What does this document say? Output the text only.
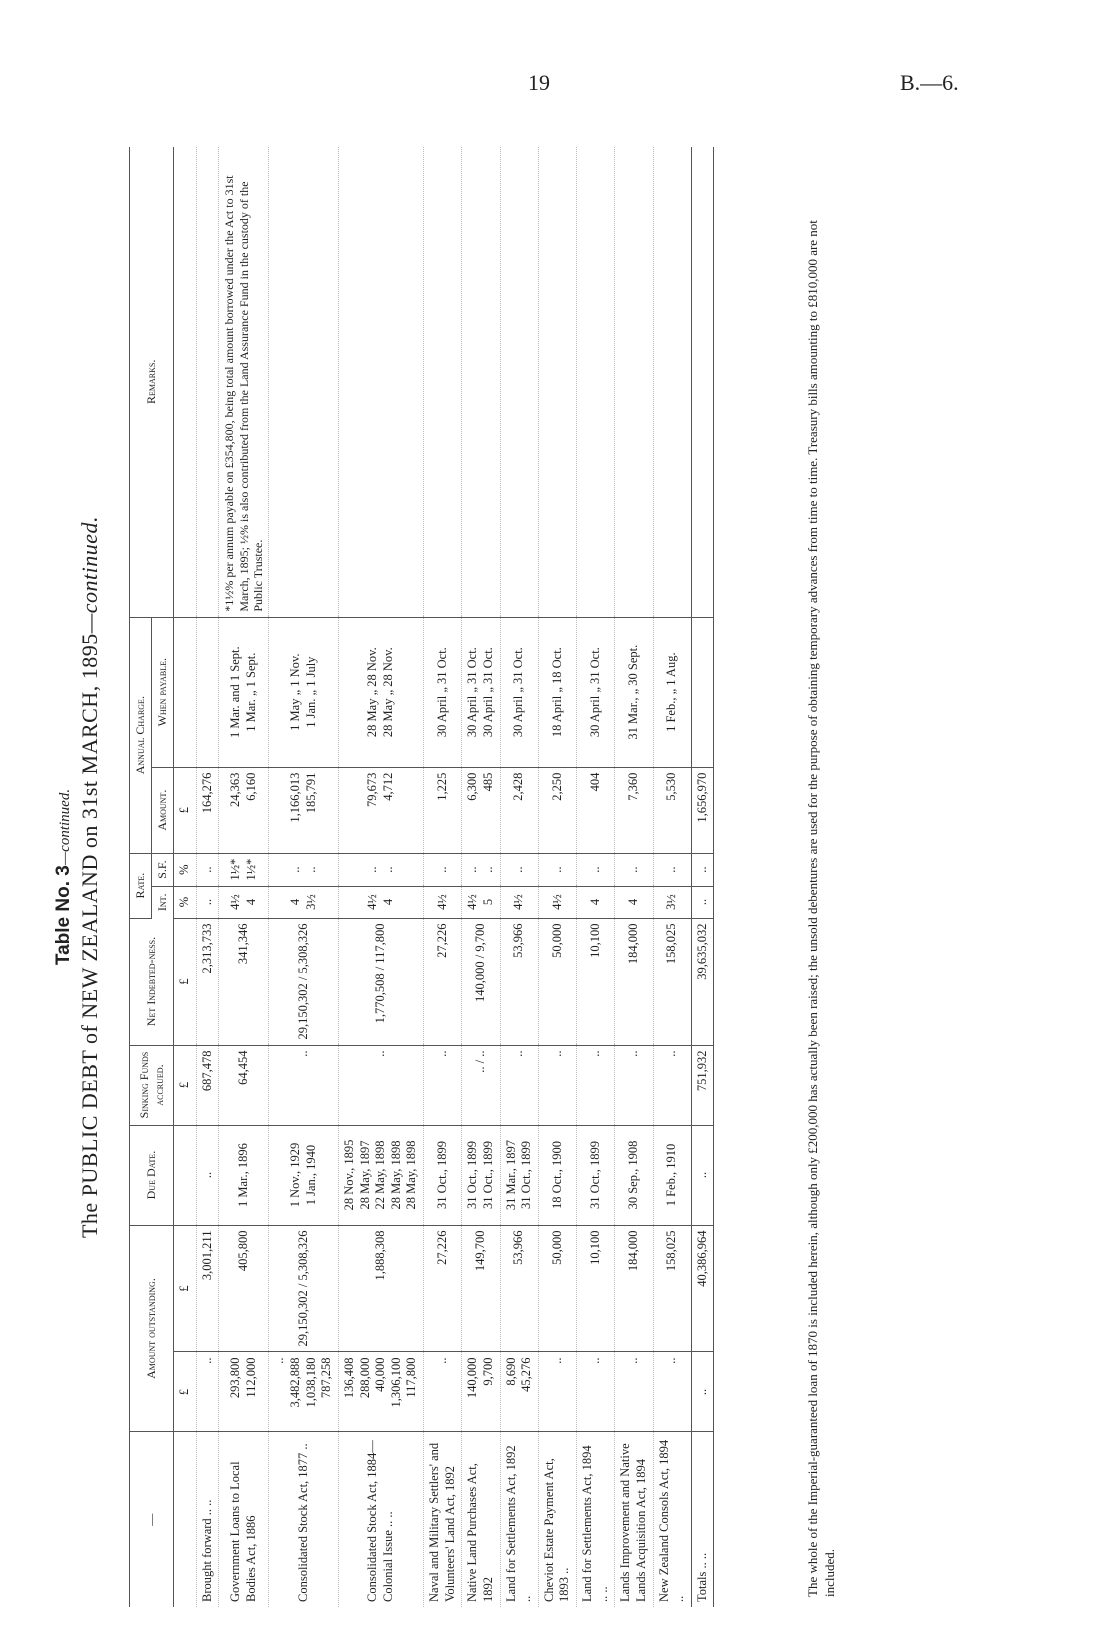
19	B.—6.
Table No. 3—continued. The PUBLIC DEBT of NEW ZEALAND on 31st MARCH, 1895—continued.
—	Amount outstanding.		Due Date.	Sinking Funds accrued.	Net Indebted-ness.	Rate.		Annual Charge.		Remarks.
						Int.	S.F.	Amount.	When payable.	
	£	£		£	£	%	%	£		
Brought forward .. ..	..	3,001,211	..	687,478	2,313,733	..	..	164,276		

Government Loans to Local Bodies Act, 1886	293,800 112,000	405,800	1 Mar., 1896	64,454	341,346	4½ 4	1½* 1½*	24,363 6,160	1 Mar. and 1 Sept. 1 Mar. „ 1 Sept.	*1½% per annum payable on £354,800, being total amount borrowed under the Act to 31st March, 1895; ½% is also contributed from the Land Assurance Fund in the custody of the Public Trustee.
Consolidated Stock Act, 1877 ..	.. 3,482,888 1,038,180 787,258	29,150,302 / 5,308,326	1 Nov., 1929 1 Jan., 1940	..	29,150,302 / 5,308,326	4 3½	.. ..	1,166,013 185,791	1 May „ 1 Nov. 1 Jan. „ 1 July	

Consolidated Stock Act, 1884—Colonial Issue .. ..	136,408 288,000 40,000 1,306,100 117,800	1,888,308	28 Nov., 1895 28 May, 1897 22 May, 1898 28 May, 1898 28 May, 1898	..	1,770,508 / 117,800	4½ 4	.. ..	79,673 4,712	28 May „ 28 Nov. 28 May „ 28 Nov.	

Naval and Military Settlers' and Volunteers' Land Act, 1892	..	27,226	31 Oct., 1899	..	27,226	4½	..	1,225	30 April „ 31 Oct.	

Native Land Purchases Act, 1892	140,000 9,700	149,700	31 Oct., 1899 31 Oct., 1899	.. / ..	140,000 / 9,700	4½ 5	.. ..	6,300 485	30 April „ 31 Oct. 30 April „ 31 Oct.	

Land for Settlements Act, 1892 ..	8,690 45,276	53,966	31 Mar., 1897 31 Oct., 1899	..	53,966	4½	..	2,428	30 April „ 31 Oct.	

Cheviot Estate Payment Act, 1893 ..	..	50,000	18 Oct., 1900	..	50,000	4½	..	2,250	18 April „ 18 Oct.	

Land for Settlements Act, 1894 .. ..	..	10,100	31 Oct., 1899	..	10,100	4	..	404	30 April „ 31 Oct.	

Lands Improvement and Native Lands Acquisition Act, 1894	..	184,000	30 Sep., 1908	..	184,000	4	..	7,360	31 Mar., „ 30 Sept.	

New Zealand Consols Act, 1894 ..	..	158,025	1 Feb., 1910	..	158,025	3½	..	5,530	1 Feb., „ 1 Aug.	

Totals .. ..	..	40,386,964	..	751,932	39,635,032	..	..	1,656,970			The whole of the Imperial-guaranteed loan of 1870 is included herein, although only £200,000 has actually been raised; the unsold debentures are used for the purpose of obtaining temporary advances from time to time. Treasury bills amounting to £810,000 are not included.
